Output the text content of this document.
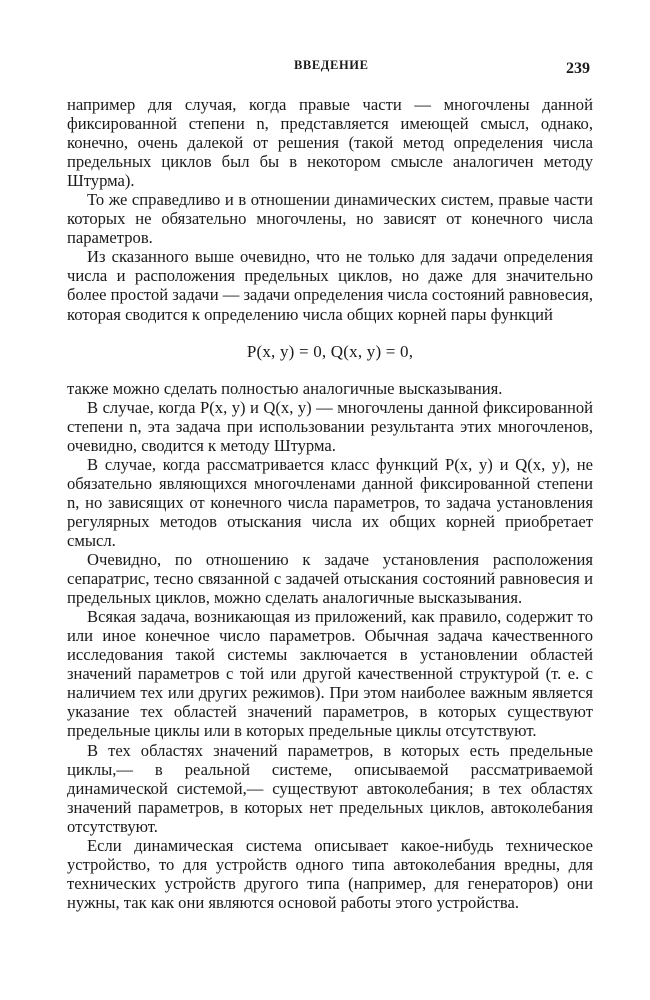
ВВЕДЕНИЕ	239

например для случая, когда правые части — многочлены данной фиксированной степени n, представляется имеющей смысл, однако, конечно, очень далекой от решения (такой метод определения числа предельных циклов был бы в некотором смысле аналогичен методу Штурма).

То же справедливо и в отношении динамических систем, правые части которых не обязательно многочлены, но зависят от конечного числа параметров.

Из сказанного выше очевидно, что не только для задачи определения числа и расположения предельных циклов, но даже для значительно более простой задачи — задачи определения числа состояний равновесия, которая сводится к определению числа общих корней пары функций

P(x, y) = 0, Q(x, y) = 0,

также можно сделать полностью аналогичные высказывания.

В случае, когда P(x, y) и Q(x, y) — многочлены данной фиксированной степени n, эта задача при использовании результанта этих многочленов, очевидно, сводится к методу Штурма.

В случае, когда рассматривается класс функций P(x, y) и Q(x, y), не обязательно являющихся многочленами данной фиксированной степени n, но зависящих от конечного числа параметров, то задача установления регулярных методов отыскания числа их общих корней приобретает смысл.

Очевидно, по отношению к задаче установления расположения сепаратрис, тесно связанной с задачей отыскания состояний равновесия и предельных циклов, можно сделать аналогичные высказывания.

Всякая задача, возникающая из приложений, как правило, содержит то или иное конечное число параметров. Обычная задача качественного исследования такой системы заключается в установлении областей значений параметров с той или другой качественной структурой (т. е. с наличием тех или других режимов). При этом наиболее важным является указание тех областей значений параметров, в которых существуют предельные циклы или в которых предельные циклы отсутствуют.

В тех областях значений параметров, в которых есть предельные циклы,— в реальной системе, описываемой рассматриваемой динамической системой,— существуют автоколебания; в тех областях значений параметров, в которых нет предельных циклов, автоколебания отсутствуют.

Если динамическая система описывает какое-нибудь техническое устройство, то для устройств одного типа автоколебания вредны, для технических устройств другого типа (например, для генераторов) они нужны, так как они являются основой работы этого устройства.
